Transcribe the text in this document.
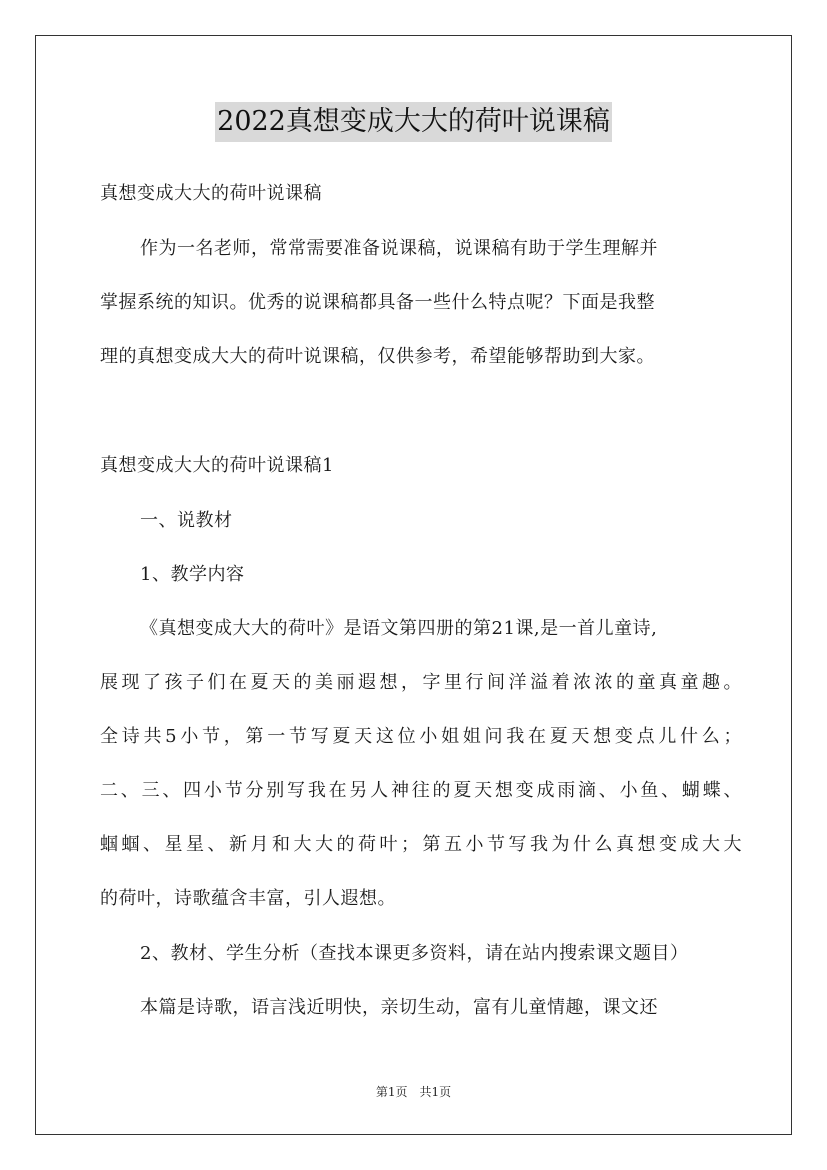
2022真想变成大大的荷叶说课稿
真想变成大大的荷叶说课稿
作为一名老师，常常需要准备说课稿，说课稿有助于学生理解并
掌握系统的知识。优秀的说课稿都具备一些什么特点呢？下面是我整
理的真想变成大大的荷叶说课稿，仅供参考，希望能够帮助到大家。
真想变成大大的荷叶说课稿1
一、说教材
1、教学内容
《真想变成大大的荷叶》是语文第四册的第21课,是一首儿童诗,
展现了孩子们在夏天的美丽遐想，字里行间洋溢着浓浓的童真童趣。
全诗共5小节，第一节写夏天这位小姐姐问我在夏天想变点儿什么；
二、三、四小节分别写我在另人神往的夏天想变成雨滴、小鱼、蝴蝶、
蝈蝈、星星、新月和大大的荷叶；第五小节写我为什么真想变成大大
的荷叶，诗歌蕴含丰富，引人遐想。
2、教材、学生分析（查找本课更多资料，请在站内搜索课文题目）
本篇是诗歌，语言浅近明快，亲切生动，富有儿童情趣，课文还
第1页　共1页
